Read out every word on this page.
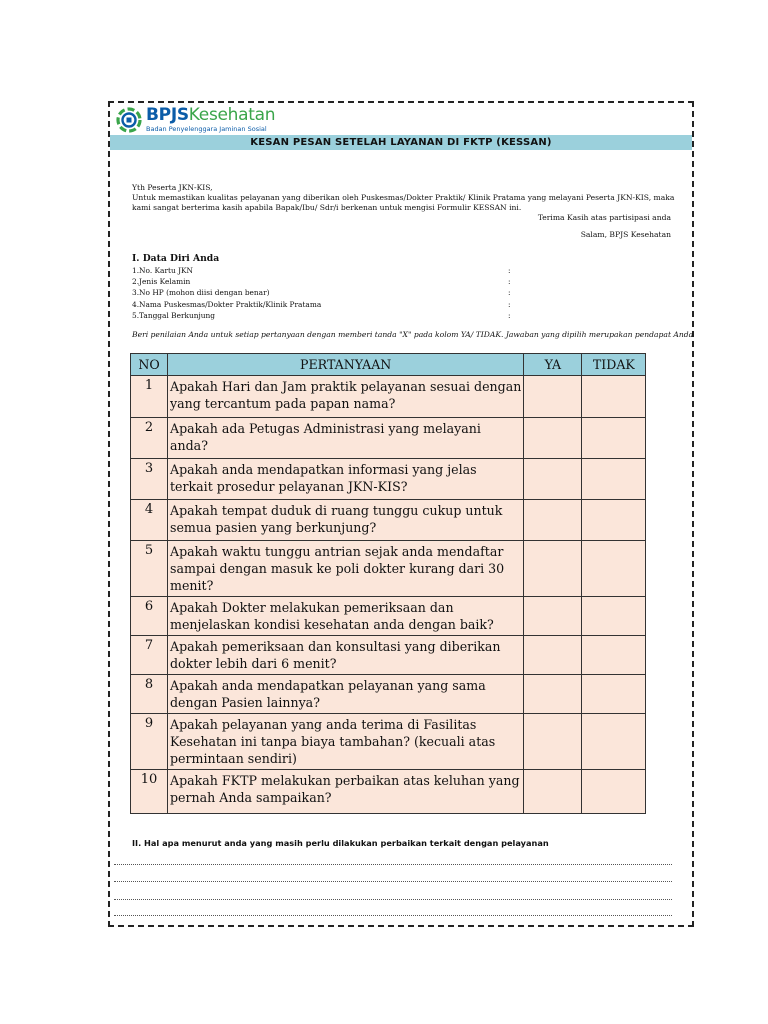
BPJSKesehatan
Badan Penyelenggara Jaminan Sosial
KESAN PESAN SETELAH LAYANAN DI FKTP (KESSAN)
Yth Peserta JKN-KIS,
Untuk memastikan kualitas pelayanan yang diberikan oleh Puskesmas/Dokter Praktik/ Klinik Pratama yang melayani Peserta JKN-KIS, maka
kami sangat berterima kasih apabila Bapak/Ibu/ Sdr/i berkenan untuk mengisi Formulir KESSAN ini.
Terima Kasih atas partisipasi anda
Salam, BPJS Kesehatan
I. Data Diri Anda
1.No. Kartu JKN	:
2.Jenis Kelamin	:
3.No HP (mohon diisi dengan benar)	:
4.Nama Puskesmas/Dokter Praktik/Klinik Pratama	:
5.Tanggal Berkunjung	:
Beri penilaian Anda untuk setiap pertanyaan dengan memberi tanda "X" pada kolom YA/ TIDAK. Jawaban yang dipilih merupakan pendapat Anda
NO	PERTANYAAN	YA	TIDAK
1	Apakah Hari dan Jam praktik pelayanan sesuai dengan
yang tercantum pada papan nama?		

2	Apakah ada Petugas Administrasi yang melayani
anda?		

3	Apakah anda mendapatkan informasi yang jelas
terkait prosedur pelayanan JKN-KIS?		

4	Apakah tempat duduk di ruang tunggu cukup untuk
semua pasien yang berkunjung?		

5	Apakah waktu tunggu antrian sejak anda mendaftar
sampai dengan masuk ke poli dokter kurang dari 30
menit?		

6	Apakah Dokter melakukan pemeriksaan dan
menjelaskan kondisi kesehatan anda dengan baik?		

7	Apakah pemeriksaan dan konsultasi yang diberikan
dokter lebih dari 6 menit?		

8	Apakah anda mendapatkan pelayanan yang sama
dengan Pasien lainnya?		

9	Apakah pelayanan yang anda terima di Fasilitas
Kesehatan ini tanpa biaya tambahan? (kecuali atas
permintaan sendiri)		

10	Apakah FKTP melakukan perbaikan atas keluhan yang
pernah Anda sampaikan?		

II. Hal apa menurut anda yang masih perlu dilakukan perbaikan terkait dengan pelayanan
